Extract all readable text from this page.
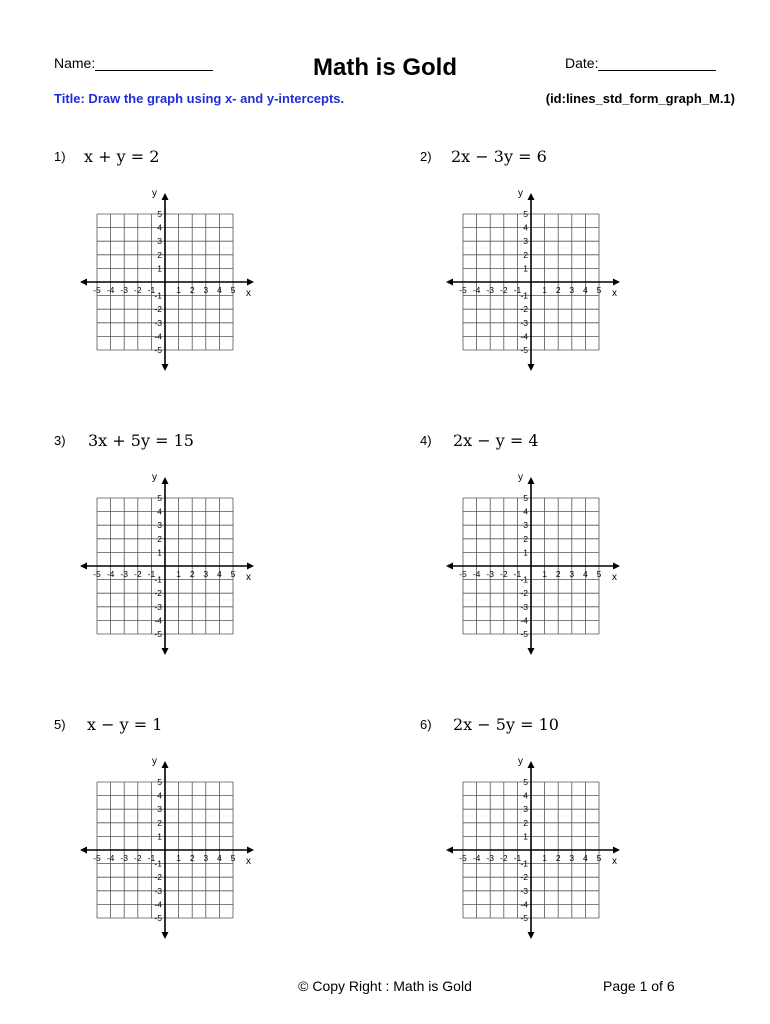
Name:	Math is Gold	Date:
Title: Draw the graph using x- and y-intercepts.	(id:lines_std_form_graph_M.1)
1) x + y = 2
-5 -4 -3 -2 -1 1 2 3 4 5
5
4
3
2
1
-1
-2
-3
-4
-5
x
y
2) 2x − 3y = 6
-5 -4 -3 -2 -1 1 2 3 4 5
5
4
3
2
1
-1
-2
-3
-4
-5
x
y
3) 3x + 5y = 15
-5 -4 -3 -2 -1 1 2 3 4 5
5
4
3
2
1
-1
-2
-3
-4
-5
x
y
4) 2x − y = 4
-5 -4 -3 -2 -1 1 2 3 4 5
5
4
3
2
1
-1
-2
-3
-4
-5
x
y
5) x − y = 1
-5 -4 -3 -2 -1 1 2 3 4 5
5
4
3
2
1
-1
-2
-3
-4
-5
x
y
6) 2x − 5y = 10
-5 -4 -3 -2 -1 1 2 3 4 5
5
4
3
2
1
-1
-2
-3
-4
-5
x
y
© Copy Right : Math is Gold	Page 1 of 6
